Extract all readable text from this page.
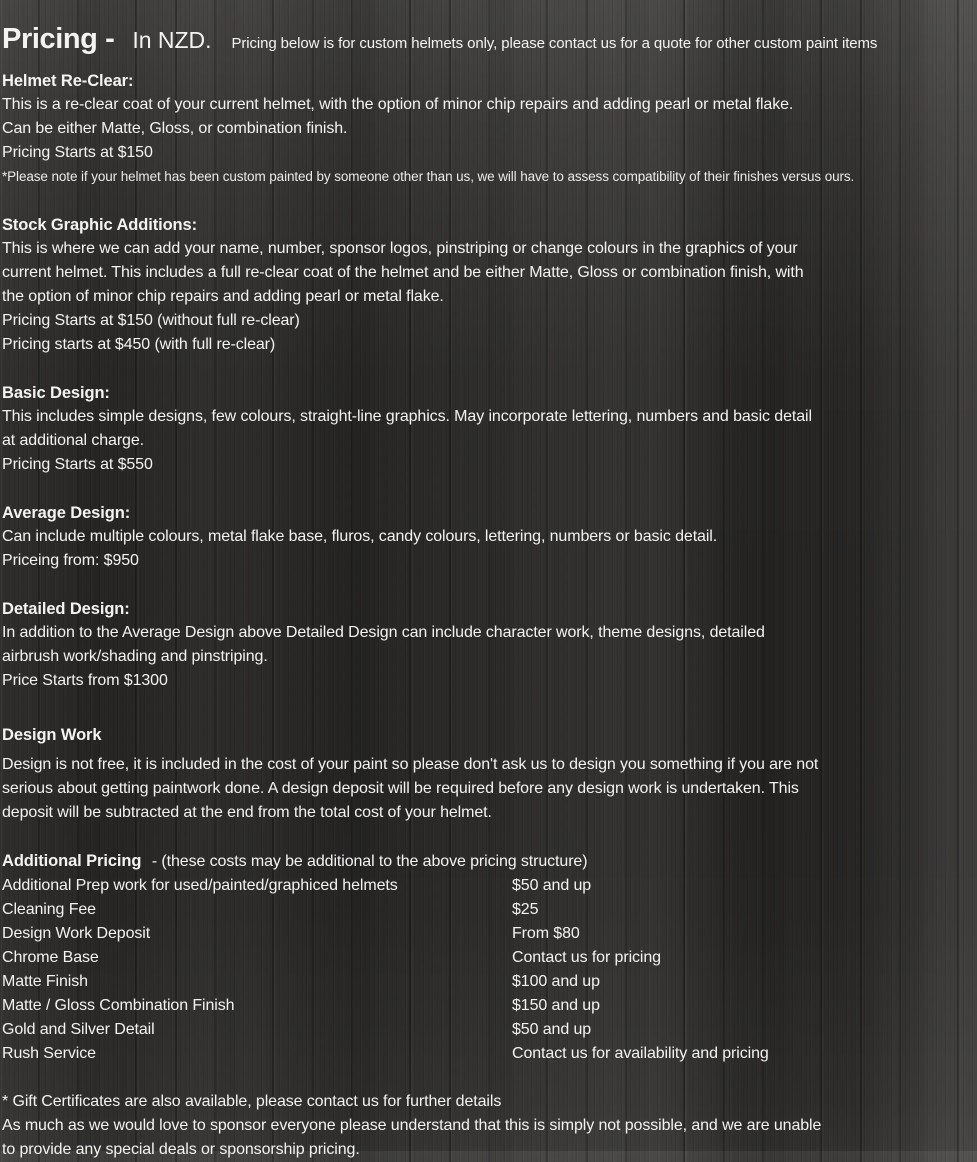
Pricing - In NZD. Pricing below is for custom helmets only, please contact us for a quote for other custom paint items
Helmet Re-Clear:
This is a re-clear coat of your current helmet, with the option of minor chip repairs and adding pearl or metal flake.
Can be either Matte, Gloss, or combination finish.
Pricing Starts at $150
*Please note if your helmet has been custom painted by someone other than us, we will have to assess compatibility of their finishes versus ours.
Stock Graphic Additions:
This is where we can add your name, number, sponsor logos, pinstriping or change colours in the graphics of your
current helmet. This includes a full re-clear coat of the helmet and be either Matte, Gloss or combination finish, with
the option of minor chip repairs and adding pearl or metal flake.
Pricing Starts at $150 (without full re-clear)
Pricing starts at $450 (with full re-clear)
Basic Design:
This includes simple designs, few colours, straight-line graphics. May incorporate lettering, numbers and basic detail
at additional charge.
Pricing Starts at $550
Average Design:
Can include multiple colours, metal flake base, fluros, candy colours, lettering, numbers or basic detail.
Priceing from: $950
Detailed Design:
In addition to the Average Design above Detailed Design can include character work, theme designs, detailed
airbrush work/shading and pinstriping.
Price Starts from $1300
Design Work
Design is not free, it is included in the cost of your paint so please don't ask us to design you something if you are not
serious about getting paintwork done. A design deposit will be required before any design work is undertaken. This
deposit will be subtracted at the end from the total cost of your helmet.
Additional Pricing - (these costs may be additional to the above pricing structure)
Additional Prep work for used/painted/graphiced helmets	$50 and up
Cleaning Fee	$25
Design Work Deposit	From $80
Chrome Base	Contact us for pricing
Matte Finish	$100 and up
Matte / Gloss Combination Finish	$150 and up
Gold and Silver Detail	$50 and up
Rush Service	Contact us for availability and pricing
* Gift Certificates are also available, please contact us for further details
As much as we would love to sponsor everyone please understand that this is simply not possible, and we are unable
to provide any special deals or sponsorship pricing.
